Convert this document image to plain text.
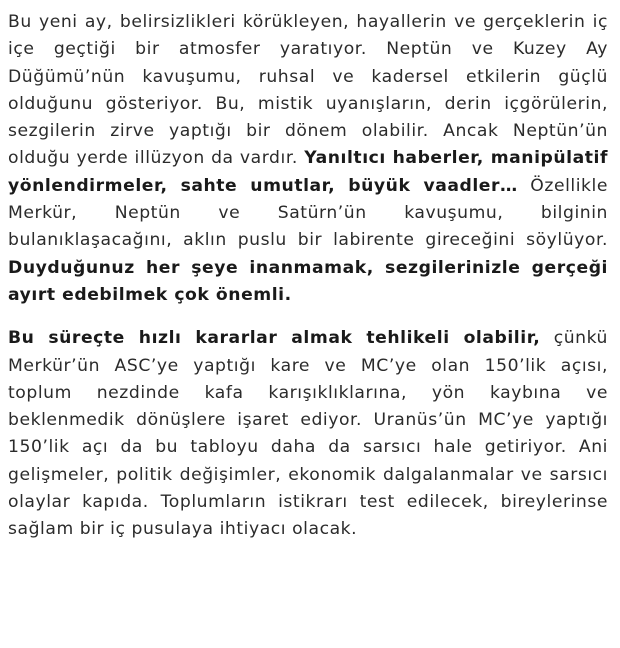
Bu yeni ay, belirsizlikleri körükleyen, hayallerin ve gerçeklerin iç içe geçtiği bir atmosfer yaratıyor. Neptün ve Kuzey Ay Düğümü’nün kavuşumu, ruhsal ve kadersel etkilerin güçlü olduğunu gösteriyor. Bu, mistik uyanışların, derin içgörülerin, sezgilerin zirve yaptığı bir dönem olabilir. Ancak Neptün’ün olduğu yerde illüzyon da vardır. Yanıltıcı haberler, manipülatif yönlendirmeler, sahte umutlar, büyük vaadler… Özellikle Merkür, Neptün ve Satürn’ün kavuşumu, bilginin bulanıklaşacağını, aklın puslu bir labirente gireceğini söylüyor. Duyduğunuz her şeye inanmamak, sezgilerinizle gerçeği ayırt edebilmek çok önemli.

Bu süreçte hızlı kararlar almak tehlikeli olabilir, çünkü Merkür’ün ASC’ye yaptığı kare ve MC’ye olan 150’lik açısı, toplum nezdinde kafa karışıklıklarına, yön kaybına ve beklenmedik dönüşlere işaret ediyor. Uranüs’ün MC’ye yaptığı 150’lik açı da bu tabloyu daha da sarsıcı hale getiriyor. Ani gelişmeler, politik değişimler, ekonomik dalgalanmalar ve sarsıcı olaylar kapıda. Toplumların istikrarı test edilecek, bireylerinse sağlam bir iç pusulaya ihtiyacı olacak.
